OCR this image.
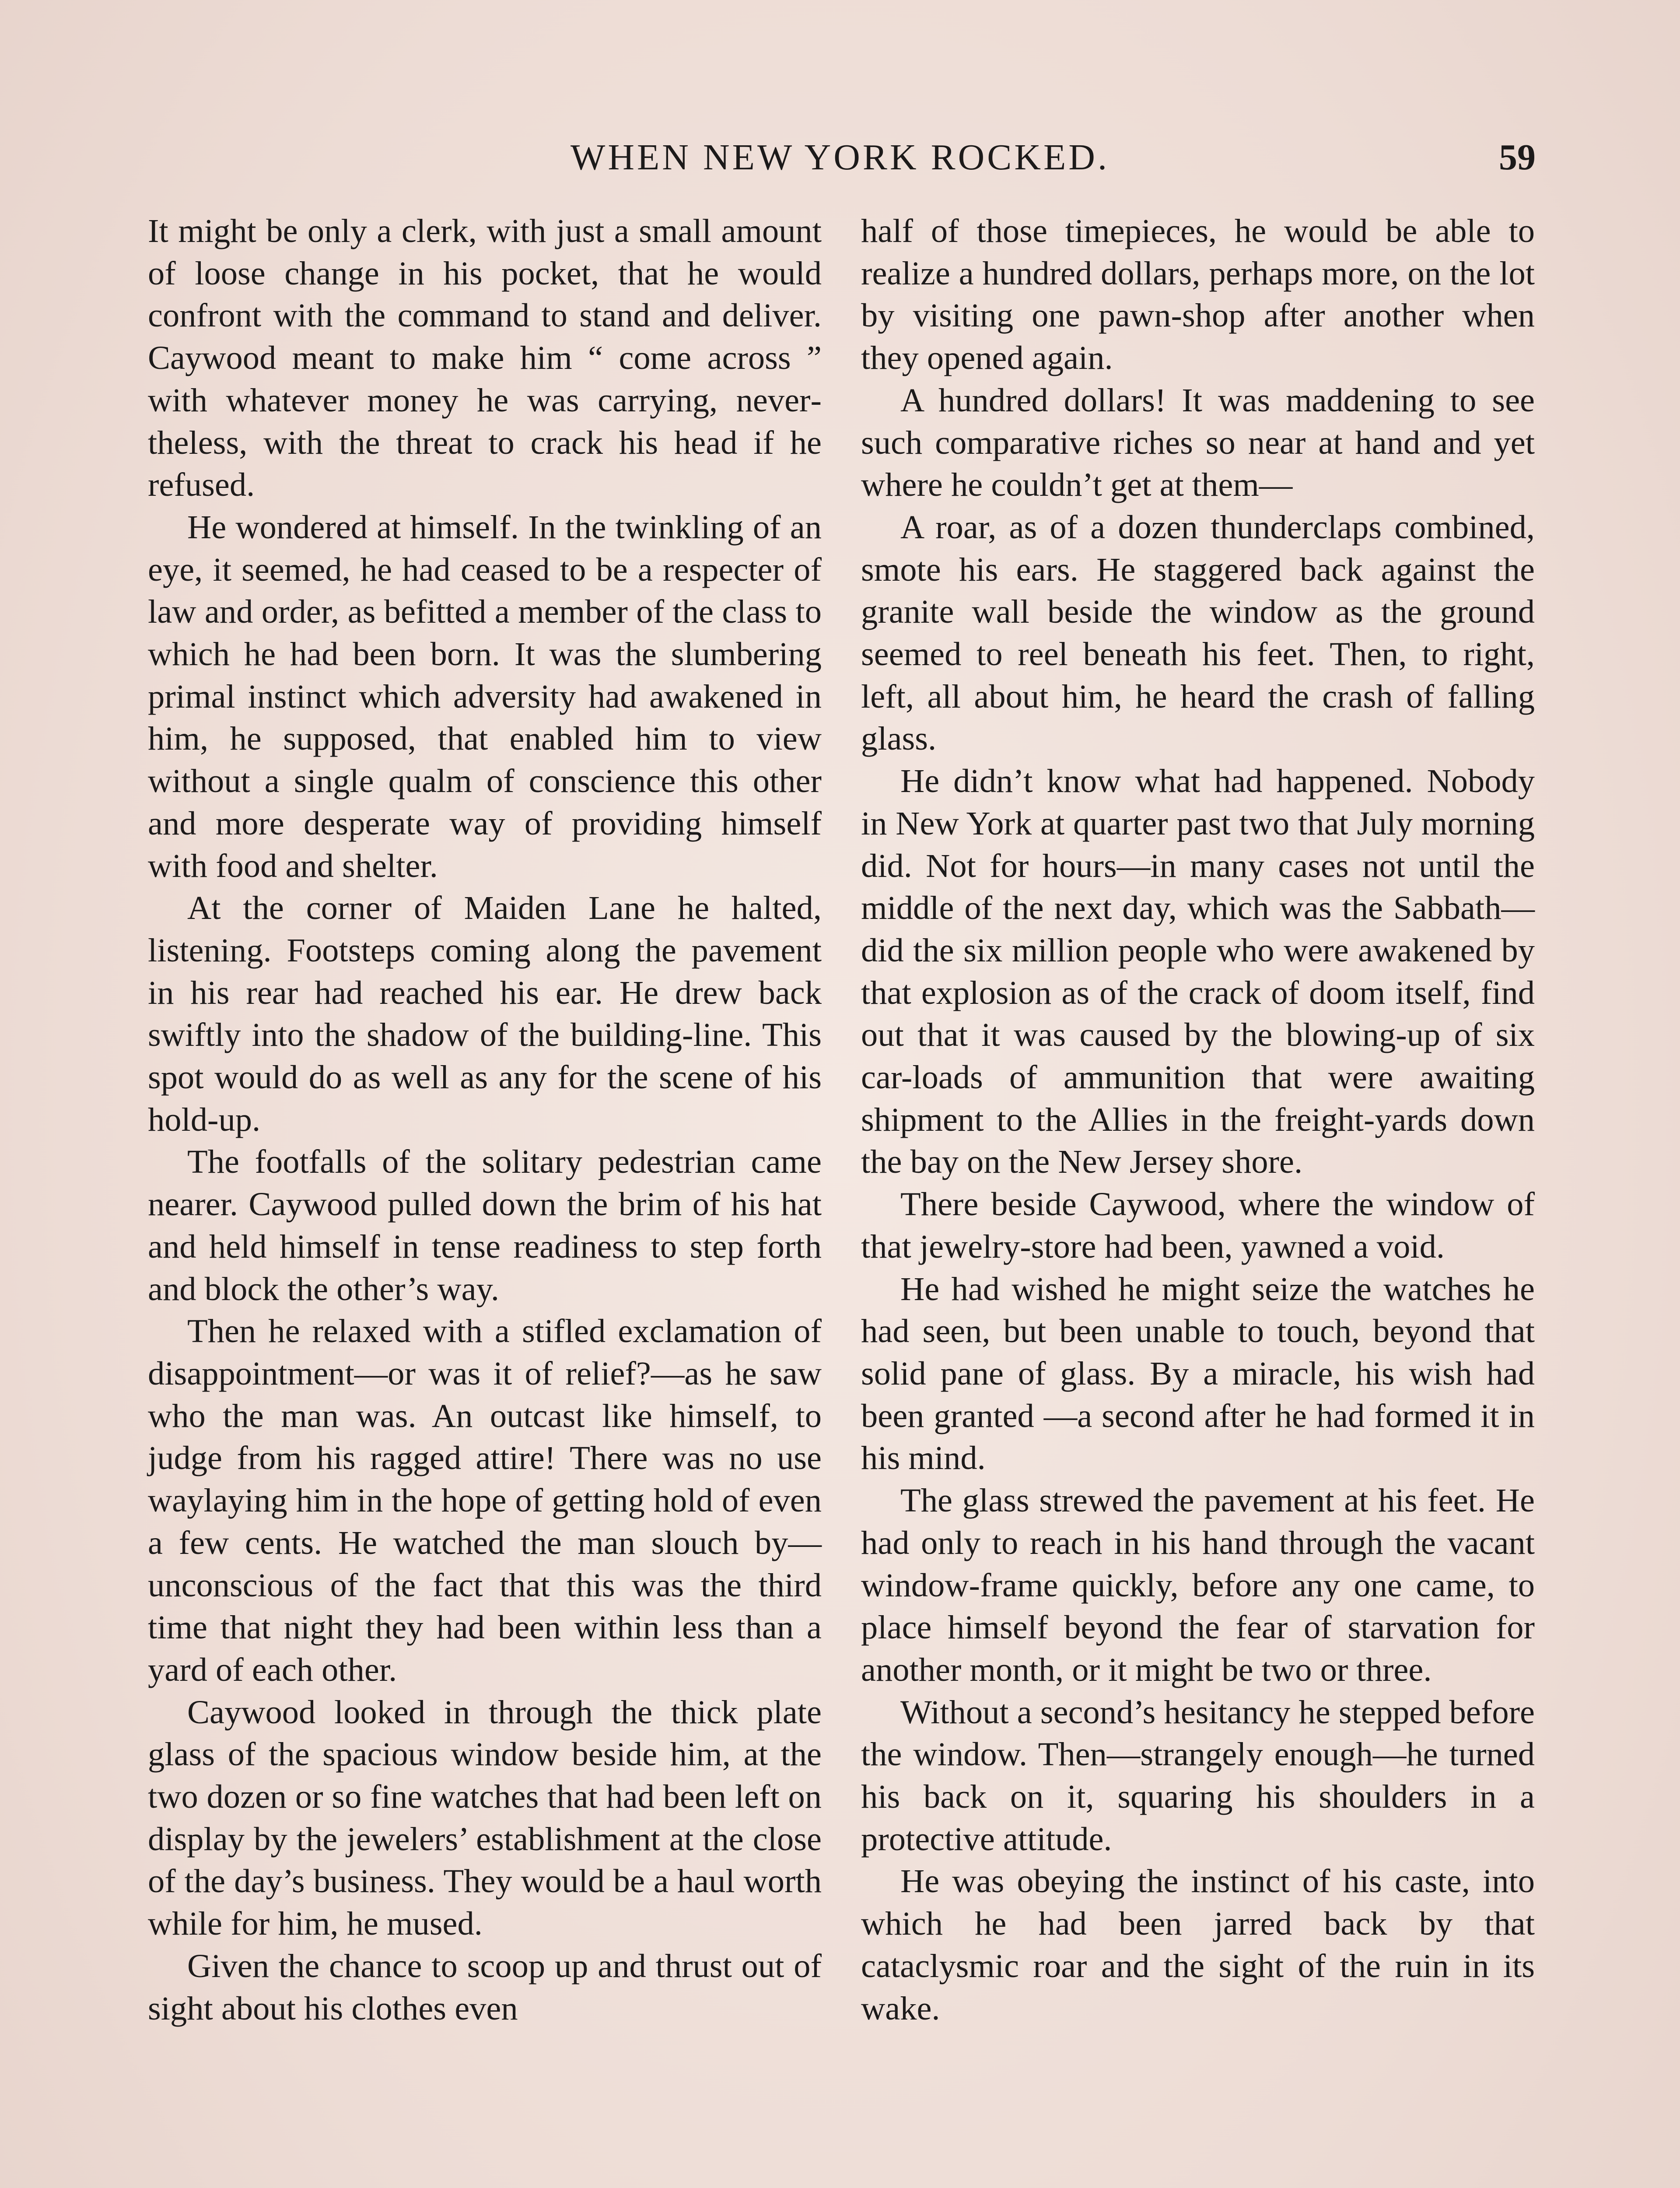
WHEN NEW YORK ROCKED.	59

It might be only a clerk, with just a small amount of loose change in his pocket, that he would confront with the command to stand and deliver. Caywood meant to make him “ come across ” with whatever money he was carrying, nevertheless, with the threat to crack his head if he refused.

He wondered at himself. In the twinkling of an eye, it seemed, he had ceased to be a respecter of law and order, as befitted a member of the class to which he had been born. It was the slumbering primal instinct which adversity had awakened in him, he supposed, that enabled him to view without a single qualm of conscience this other and more desperate way of providing himself with food and shelter.

At the corner of Maiden Lane he halted, listening. Footsteps coming along the pavement in his rear had reached his ear. He drew back swiftly into the shadow of the building-line. This spot would do as well as any for the scene of his hold-up.

The footfalls of the solitary pedestrian came nearer. Caywood pulled down the brim of his hat and held himself in tense readiness to step forth and block the other’s way.

Then he relaxed with a stifled exclamation of disappointment—or was it of relief?—as he saw who the man was. An outcast like himself, to judge from his ragged attire! There was no use waylaying him in the hope of getting hold of even a few cents. He watched the man slouch by—unconscious of the fact that this was the third time that night they had been within less than a yard of each other.

Caywood looked in through the thick plate glass of the spacious window beside him, at the two dozen or so fine watches that had been left on display by the jewelers’ establishment at the close of the day’s business. They would be a haul worth while for him, he mused.

Given the chance to scoop up and thrust out of sight about his clothes even

half of those timepieces, he would be able to realize a hundred dollars, perhaps more, on the lot by visiting one pawn-shop after another when they opened again.

A hundred dollars! It was maddening to see such comparative riches so near at hand and yet where he couldn’t get at them—

A roar, as of a dozen thunderclaps combined, smote his ears. He staggered back against the granite wall beside the window as the ground seemed to reel beneath his feet. Then, to right, left, all about him, he heard the crash of falling glass.

He didn’t know what had happened. Nobody in New York at quarter past two that July morning did. Not for hours—in many cases not until the middle of the next day, which was the Sabbath—did the six million people who were awakened by that explosion as of the crack of doom itself, find out that it was caused by the blowing-up of six car-loads of ammunition that were awaiting shipment to the Allies in the freight-yards down the bay on the New Jersey shore.

There beside Caywood, where the window of that jewelry-store had been, yawned a void.

He had wished he might seize the watches he had seen, but been unable to touch, beyond that solid pane of glass. By a miracle, his wish had been granted —a second after he had formed it in his mind.

The glass strewed the pavement at his feet. He had only to reach in his hand through the vacant window-frame quickly, before any one came, to place himself beyond the fear of starvation for another month, or it might be two or three.

Without a second’s hesitancy he stepped before the window. Then—strangely enough—he turned his back on it, squaring his shoulders in a protective attitude.

He was obeying the instinct of his caste, into which he had been jarred back by that cataclysmic roar and the sight of the ruin in its wake.
